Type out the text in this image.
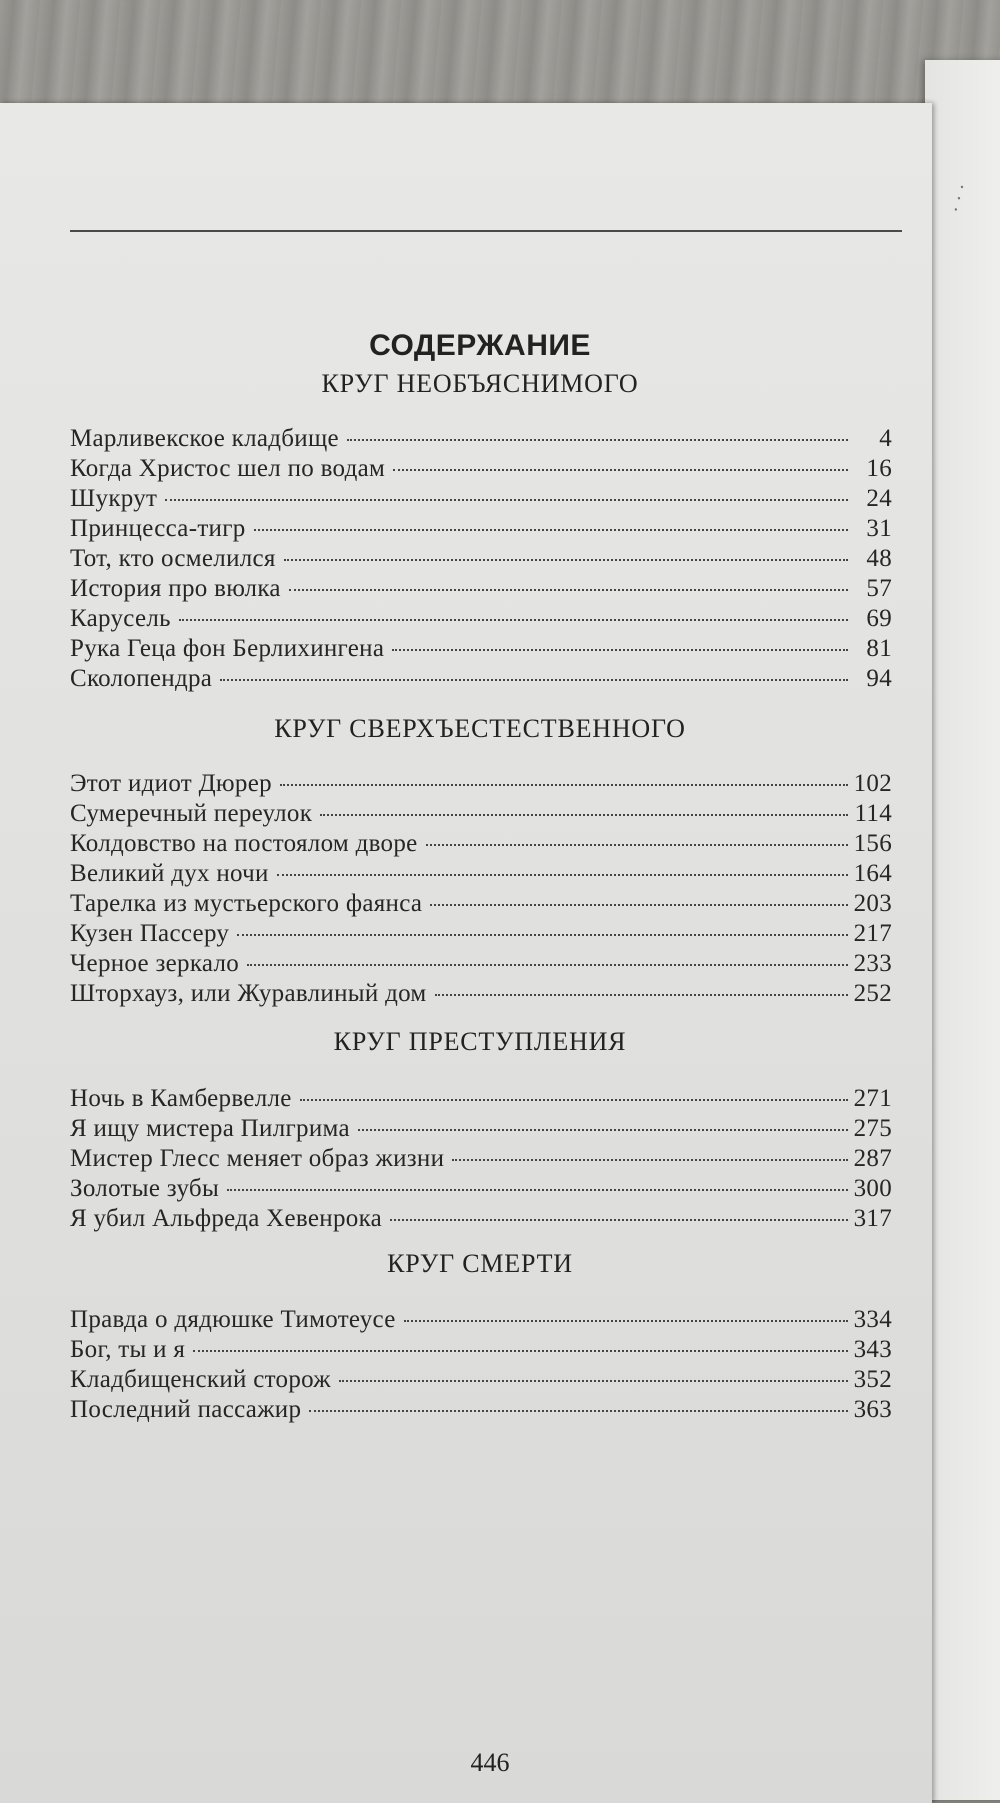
· · ·
СОДЕРЖАНИЕ
КРУГ НЕОБЪЯСНИМОГО
Марливекское кладбище	4
Когда Христос шел по водам	16
Шукрут	24
Принцесса-тигр	31
Тот, кто осмелился	48
История про вюлка	57
Карусель	69
Рука Геца фон Берлихингена	81
Сколопендра	94
КРУГ СВЕРХЪЕСТЕСТВЕННОГО
Этот идиот Дюрер	102
Сумеречный переулок	114
Колдовство на постоялом дворе	156
Великий дух ночи	164
Тарелка из мустьерского фаянса	203
Кузен Пассеру	217
Черное зеркало	233
Шторхауз, или Журавлиный дом	252
КРУГ ПРЕСТУПЛЕНИЯ
Ночь в Камбервелле	271
Я ищу мистера Пилгрима	275
Мистер Глесс меняет образ жизни	287
Золотые зубы	300
Я убил Альфреда Хевенрока	317
КРУГ СМЕРТИ
Правда о дядюшке Тимотеусе	334
Бог, ты и я	343
Кладбищенский сторож	352
Последний пассажир	363
446
